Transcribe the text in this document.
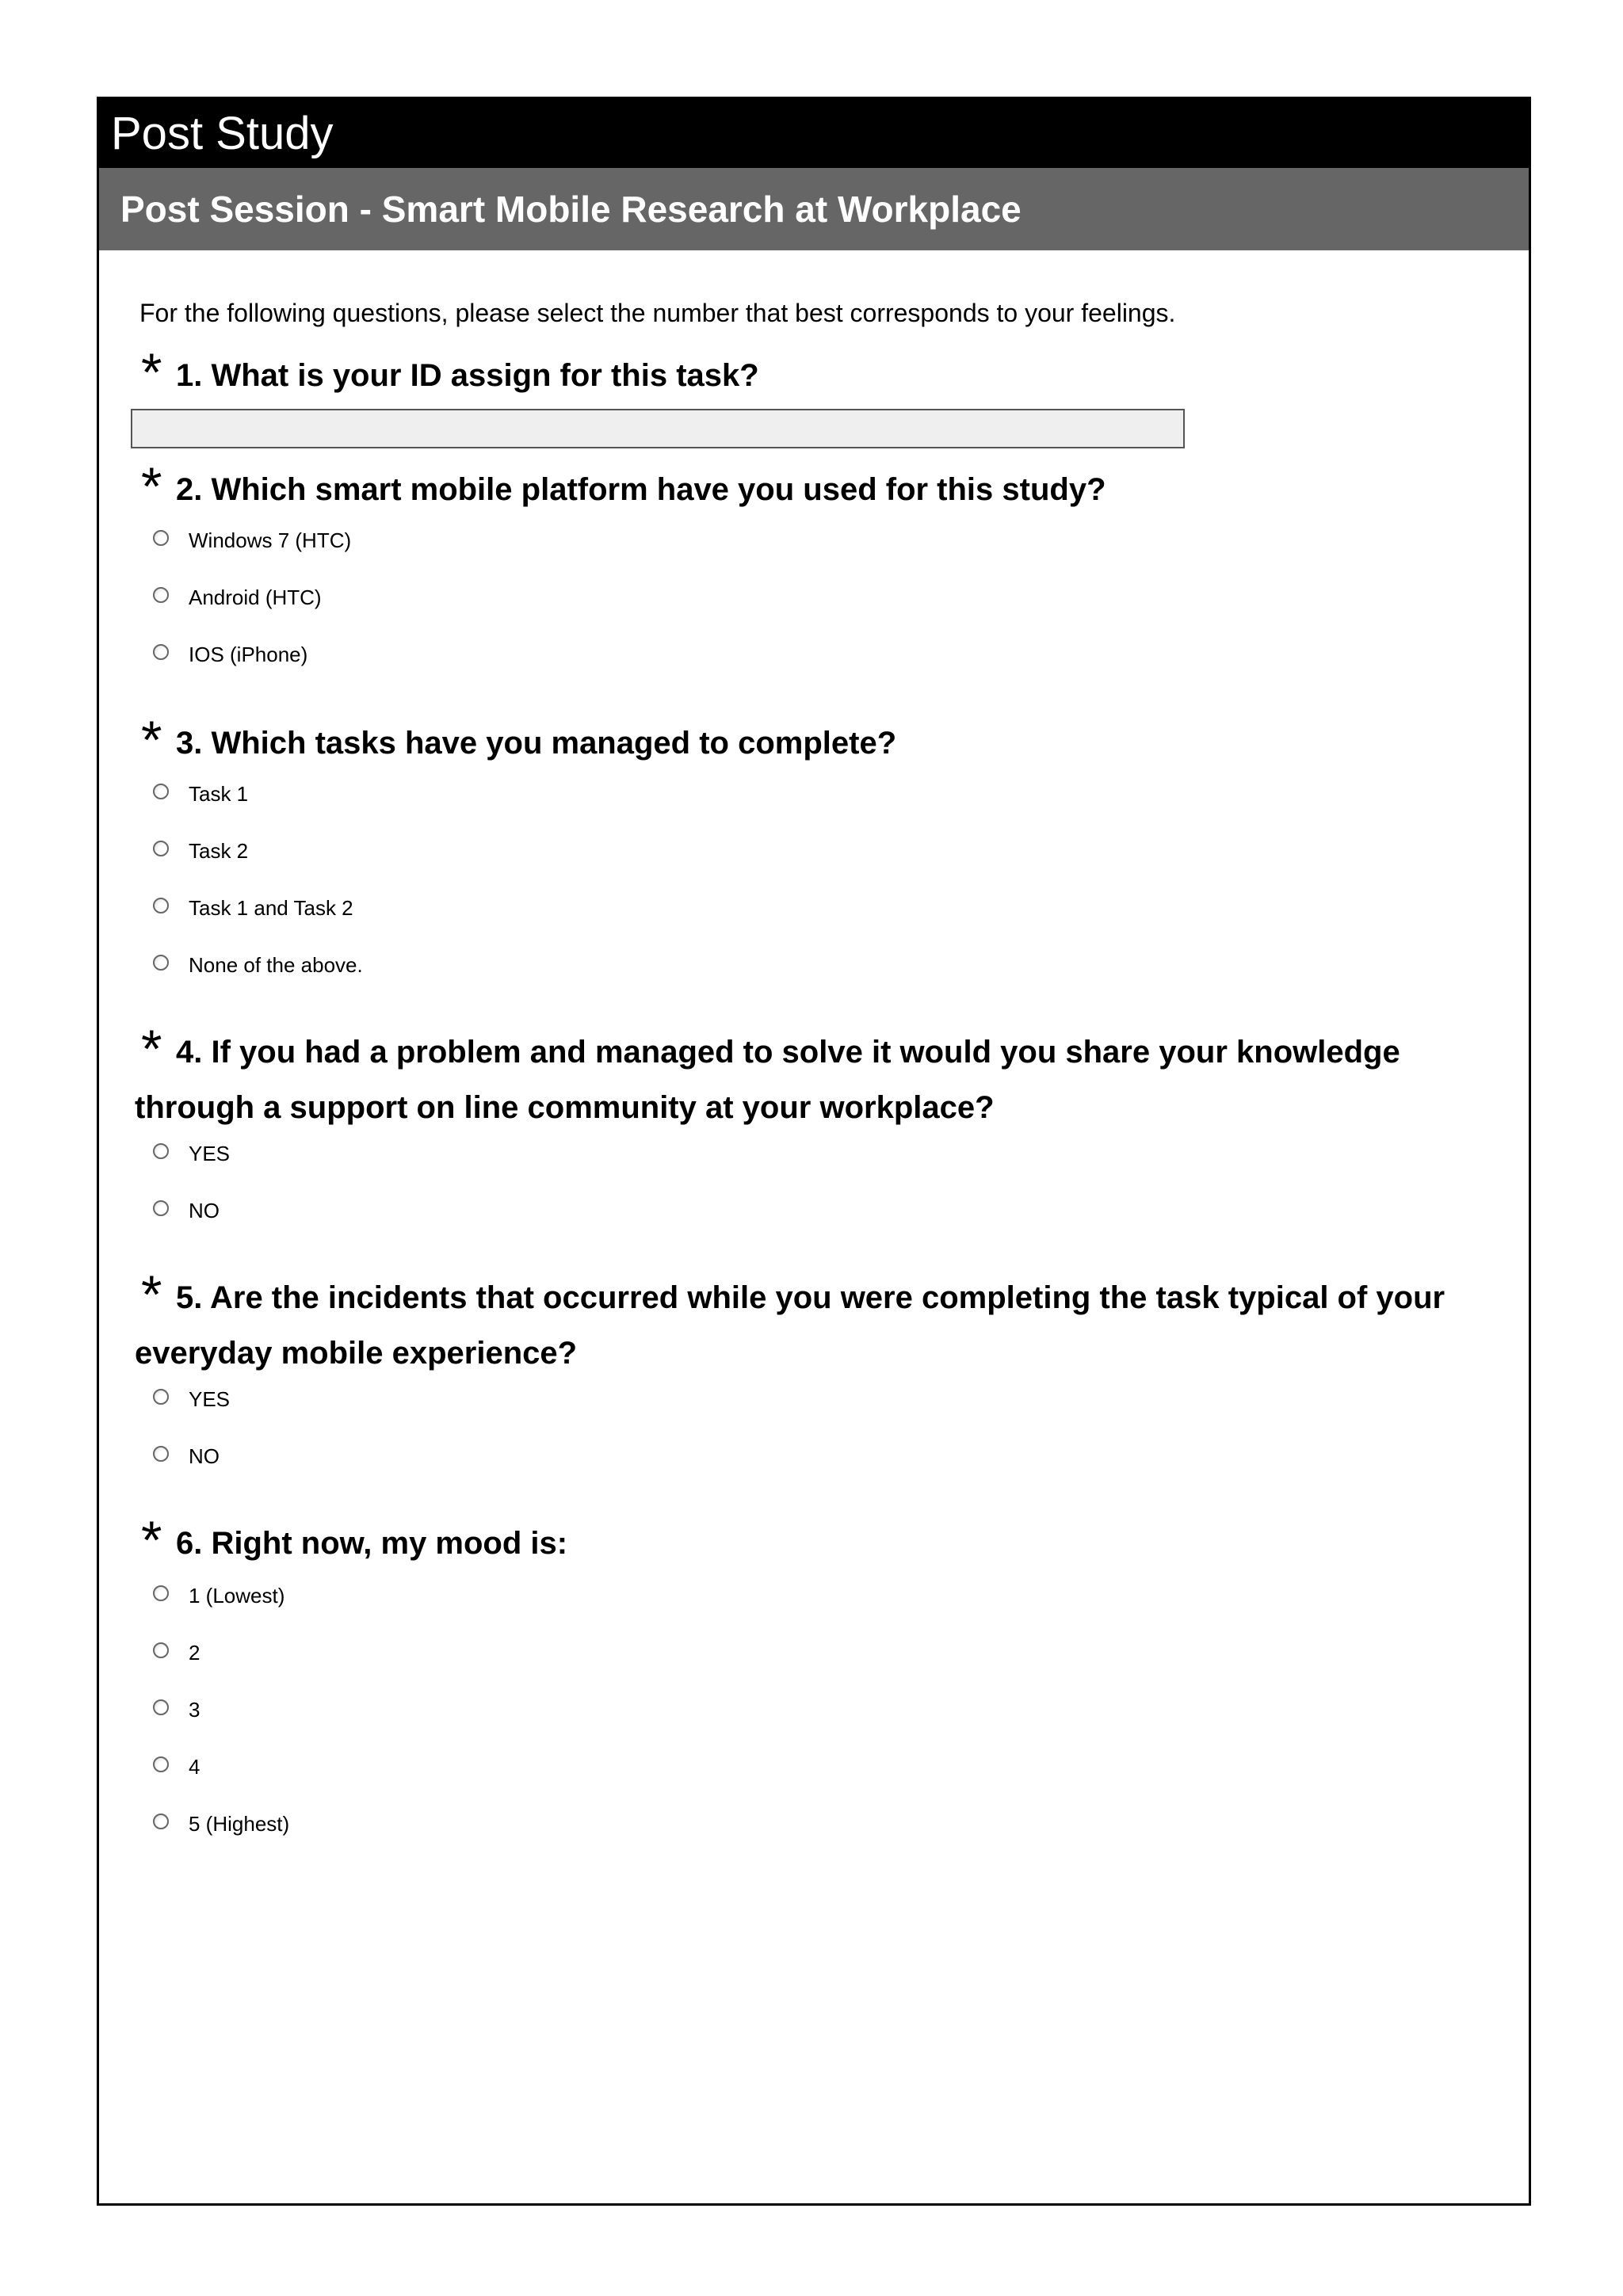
Post Study
Post Session - Smart Mobile Research at Workplace
For the following questions, please select the number that best corresponds to your feelings.
* 1. What is your ID assign for this task?
* 2. Which smart mobile platform have you used for this study?
Windows 7 (HTC)
Android (HTC)
IOS (iPhone)
* 3. Which tasks have you managed to complete?
Task 1
Task 2
Task 1 and Task 2
None of the above.
* 4. If you had a problem and managed to solve it would you share your knowledge through a support on line community at your workplace?
YES
NO
* 5. Are the incidents that occurred while you were completing the task typical of your everyday mobile experience?
YES
NO
* 6. Right now, my mood is:
1 (Lowest)
2
3
4
5 (Highest)
